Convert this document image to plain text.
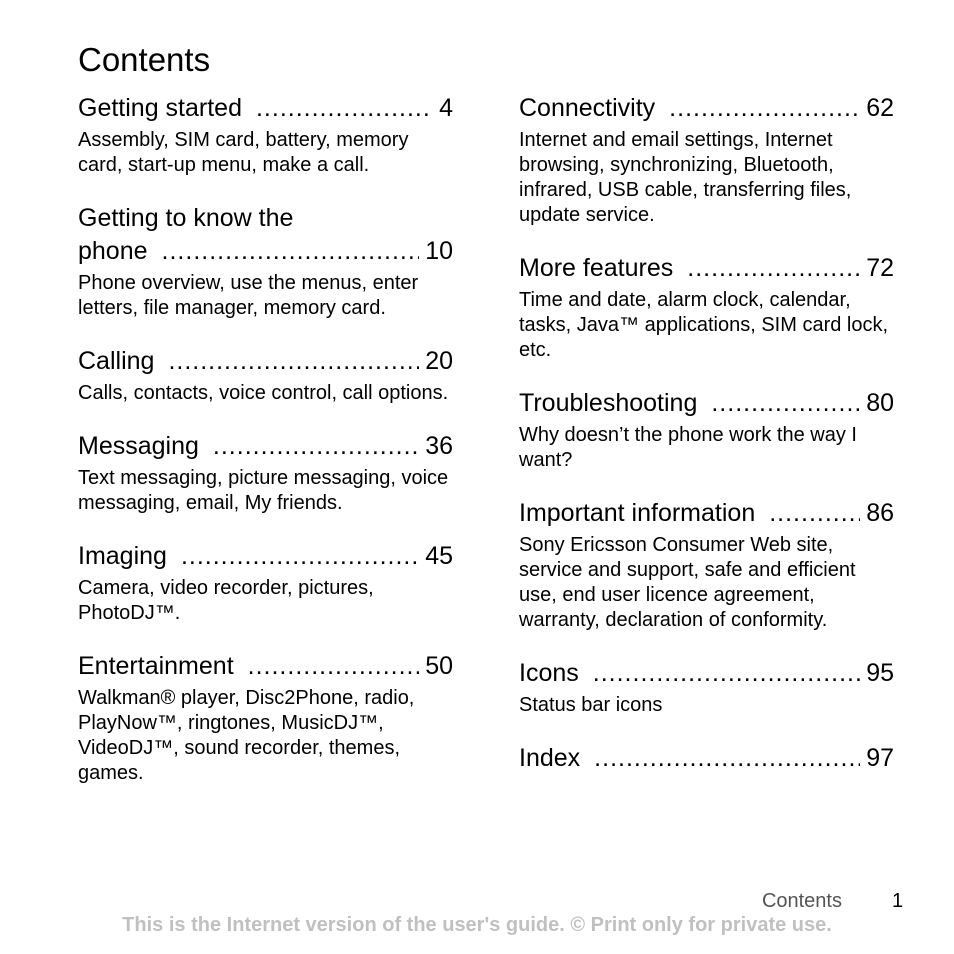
Contents
Getting started .....	4
Assembly, SIM card, battery, memory card, start-up menu, make a call.
Getting to know the
phone .....	10
Phone overview, use the menus, enter letters, file manager, memory card.
Calling .....	20
Calls, contacts, voice control, call options.
Messaging .....	36
Text messaging, picture messaging, voice messaging, email, My friends.
Imaging .....	45
Camera, video recorder, pictures, PhotoDJ™.
Entertainment .....	50
Walkman® player, Disc2Phone, radio, PlayNow™, ringtones, MusicDJ™, VideoDJ™, sound recorder, themes, games.
Connectivity .....	62
Internet and email settings, Internet browsing, synchronizing, Bluetooth, infrared, USB cable, transferring files, update service.
More features .....	72
Time and date, alarm clock, calendar, tasks, Java™ applications, SIM card lock, etc.
Troubleshooting .....	80
Why doesn’t the phone work the way I want?
Important information .....	86
Sony Ericsson Consumer Web site, service and support, safe and efficient use, end user licence agreement, warranty, declaration of conformity.
Icons .....	95
Status bar icons
Index .....	97
Contents	1
This is the Internet version of the user's guide. © Print only for private use.
